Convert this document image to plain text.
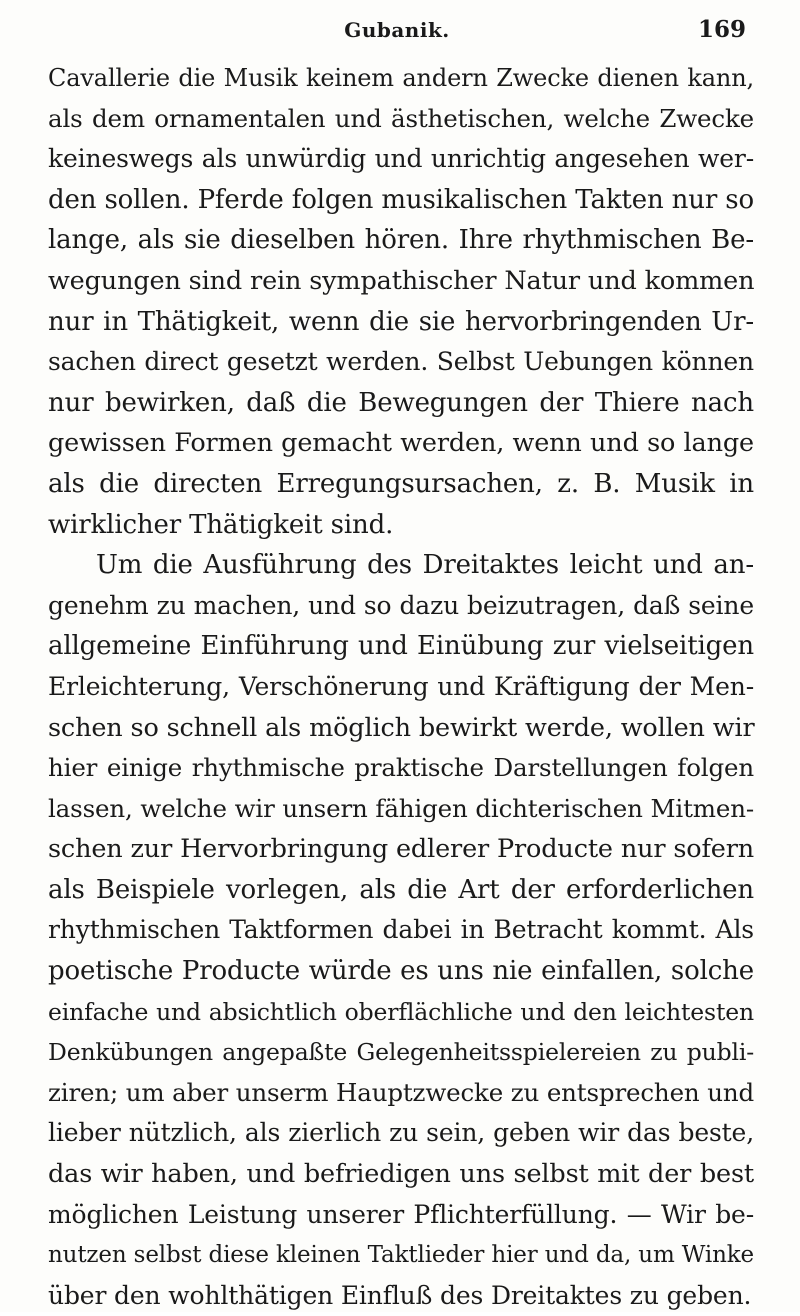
Gubanik.	169
Cavallerie die Musik keinem andern Zwecke dienen kann,
als dem ornamentalen und ästhetischen, welche Zwecke
keineswegs als unwürdig und unrichtig angesehen wer-
den sollen. Pferde folgen musikalischen Takten nur so
lange, als sie dieselben hören. Ihre rhythmischen Be-
wegungen sind rein sympathischer Natur und kommen
nur in Thätigkeit, wenn die sie hervorbringenden Ur-
sachen direct gesetzt werden. Selbst Uebungen können
nur bewirken, daß die Bewegungen der Thiere nach
gewissen Formen gemacht werden, wenn und so lange
als die directen Erregungsursachen, z. B. Musik in
wirklicher Thätigkeit sind.
Um die Ausführung des Dreitaktes leicht und an-
genehm zu machen, und so dazu beizutragen, daß seine
allgemeine Einführung und Einübung zur vielseitigen
Erleichterung, Verschönerung und Kräftigung der Men-
schen so schnell als möglich bewirkt werde, wollen wir
hier einige rhythmische praktische Darstellungen folgen
lassen, welche wir unsern fähigen dichterischen Mitmen-
schen zur Hervorbringung edlerer Producte nur sofern
als Beispiele vorlegen, als die Art der erforderlichen
rhythmischen Taktformen dabei in Betracht kommt. Als
poetische Producte würde es uns nie einfallen, solche
einfache und absichtlich oberflächliche und den leichtesten
Denkübungen angepaßte Gelegenheitsspielereien zu publi-
ziren; um aber unserm Hauptzwecke zu entsprechen und
lieber nützlich, als zierlich zu sein, geben wir das beste,
das wir haben, und befriedigen uns selbst mit der best
möglichen Leistung unserer Pflichterfüllung. — Wir be-
nutzen selbst diese kleinen Taktlieder hier und da, um Winke
über den wohlthätigen Einfluß des Dreitaktes zu geben.
